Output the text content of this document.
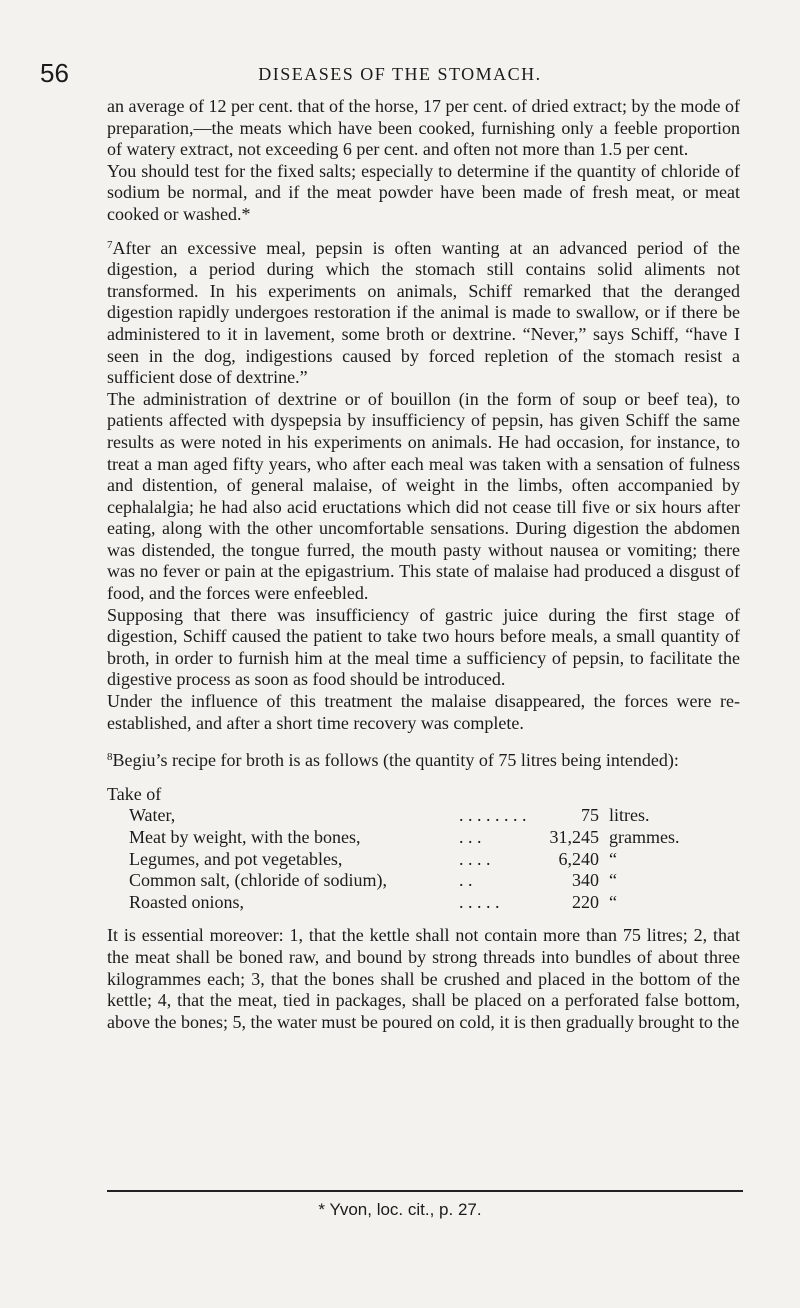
56	DISEASES OF THE STOMACH.

an average of 12 per cent. that of the horse, 17 per cent. of dried extract; by the mode of preparation,—the meats which have been cooked, furnishing only a feeble proportion of watery extract, not exceeding 6 per cent. and often not more than 1.5 per cent.

You should test for the fixed salts; especially to determine if the quantity of chloride of sodium be normal, and if the meat powder have been made of fresh meat, or meat cooked or washed.*

$^7$After an excessive meal, pepsin is often wanting at an advanced period of the digestion, a period during which the stomach still contains solid aliments not transformed. In his experiments on animals, Schiff remarked that the deranged digestion rapidly undergoes restoration if the animal is made to swallow, or if there be administered to it in lavement, some broth or dextrine. “Never,” says Schiff, “have I seen in the dog, indigestions caused by forced repletion of the stomach resist a sufficient dose of dextrine.”

The administration of dextrine or of bouillon (in the form of soup or beef tea), to patients affected with dyspepsia by insufficiency of pepsin, has given Schiff the same results as were noted in his experiments on animals. He had occasion, for instance, to treat a man aged fifty years, who after each meal was taken with a sensation of fulness and distention, of general malaise, of weight in the limbs, often accompanied by cephalalgia; he had also acid eructations which did not cease till five or six hours after eating, along with the other uncomfortable sensations. During digestion the abdomen was distended, the tongue furred, the mouth pasty without nausea or vomiting; there was no fever or pain at the epigastrium. This state of malaise had produced a disgust of food, and the forces were enfeebled.

Supposing that there was insufficiency of gastric juice during the first stage of digestion, Schiff caused the patient to take two hours before meals, a small quantity of broth, in order to furnish him at the meal time a sufficiency of pepsin, to facilitate the digestive process as soon as food should be introduced.

Under the influence of this treatment the malaise disappeared, the forces were re-established, and after a short time recovery was complete.

$^8$Begiu’s recipe for broth is as follows (the quantity of 75 litres being intended):

Take of

Water,	. . . . . . . .	75 litres.
Meat by weight, with the bones,	. . .	31,245 grammes.
Legumes, and pot vegetables,	. . . .	6,240 “
Common salt, (chloride of sodium),	. .	340 “
Roasted onions,	. . . . .	220 “

It is essential moreover: 1, that the kettle shall not contain more than 75 litres; 2, that the meat shall be boned raw, and bound by strong threads into bundles of about three kilogrammes each; 3, that the bones shall be crushed and placed in the bottom of the kettle; 4, that the meat, tied in packages, shall be placed on a perforated false bottom, above the bones; 5, the water must be poured on cold, it is then gradually brought to the

* Yvon, loc. cit., p. 27.
